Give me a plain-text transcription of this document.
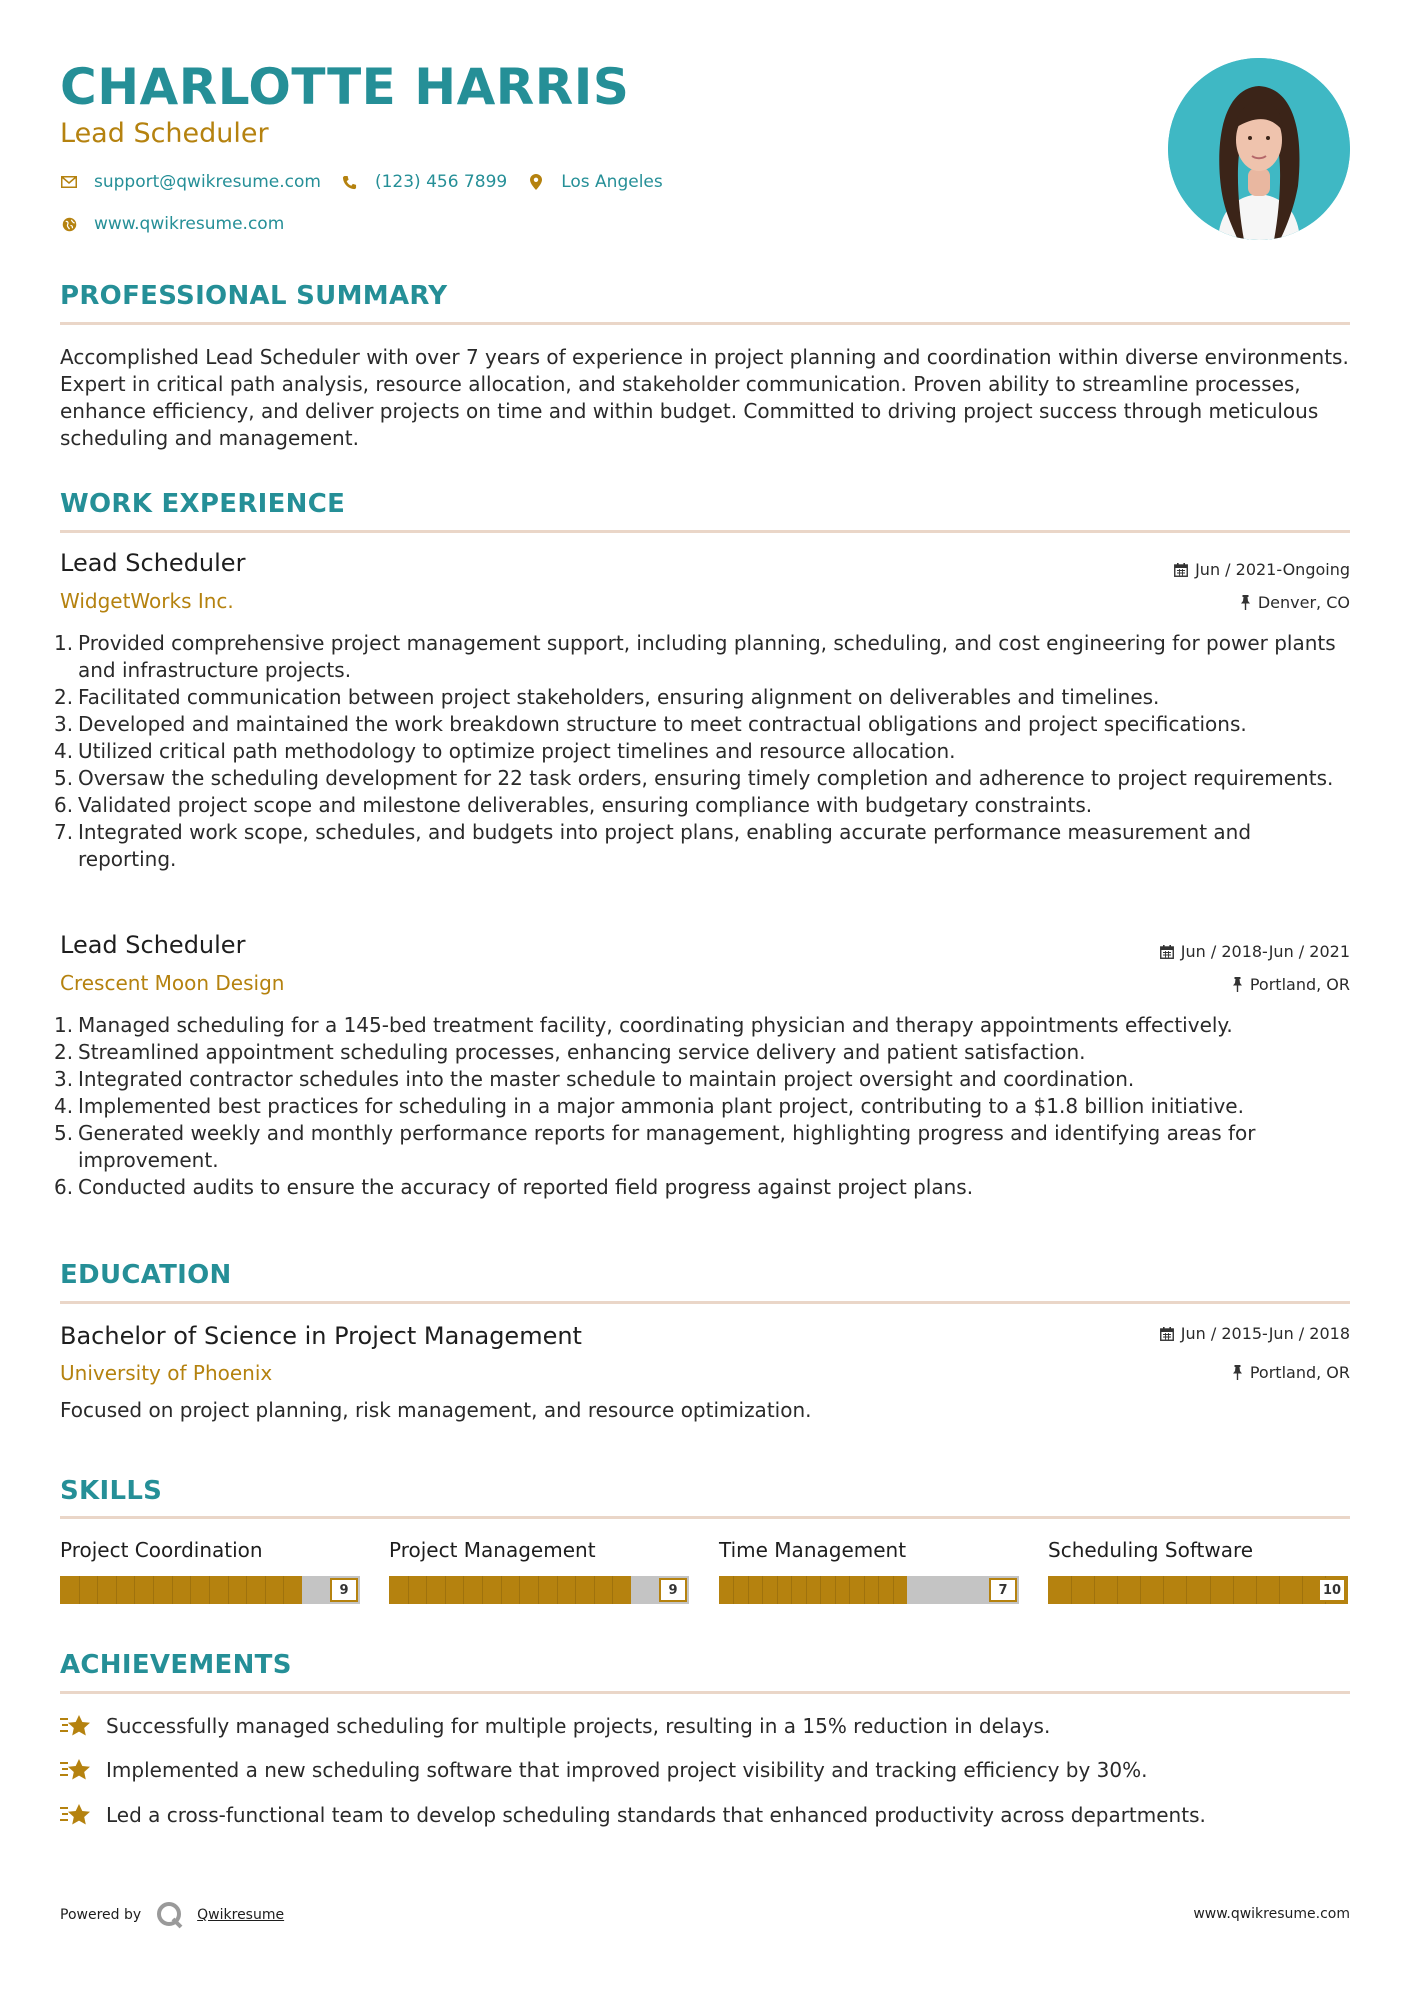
CHARLOTTE HARRIS
Lead Scheduler
support@qwikresume.com	(123) 456 7899	Los Angeles
www.qwikresume.com
PROFESSIONAL SUMMARY
Accomplished Lead Scheduler with over 7 years of experience in project planning and coordination within diverse environments. Expert in critical path analysis, resource allocation, and stakeholder communication. Proven ability to streamline processes, enhance efficiency, and deliver projects on time and within budget. Committed to driving project success through meticulous scheduling and management.
WORK EXPERIENCE
Lead Scheduler	Jun / 2021-Ongoing
WidgetWorks Inc.	Denver, CO
1. Provided comprehensive project management support, including planning, scheduling, and cost engineering for power plants and infrastructure projects.
2. Facilitated communication between project stakeholders, ensuring alignment on deliverables and timelines.
3. Developed and maintained the work breakdown structure to meet contractual obligations and project specifications.
4. Utilized critical path methodology to optimize project timelines and resource allocation.
5. Oversaw the scheduling development for 22 task orders, ensuring timely completion and adherence to project requirements.
6. Validated project scope and milestone deliverables, ensuring compliance with budgetary constraints.
7. Integrated work scope, schedules, and budgets into project plans, enabling accurate performance measurement and reporting.
Lead Scheduler	Jun / 2018-Jun / 2021
Crescent Moon Design	Portland, OR
1. Managed scheduling for a 145-bed treatment facility, coordinating physician and therapy appointments effectively.
2. Streamlined appointment scheduling processes, enhancing service delivery and patient satisfaction.
3. Integrated contractor schedules into the master schedule to maintain project oversight and coordination.
4. Implemented best practices for scheduling in a major ammonia plant project, contributing to a $1.8 billion initiative.
5. Generated weekly and monthly performance reports for management, highlighting progress and identifying areas for improvement.
6. Conducted audits to ensure the accuracy of reported field progress against project plans.
EDUCATION
Bachelor of Science in Project Management	Jun / 2015-Jun / 2018
University of Phoenix	Portland, OR
Focused on project planning, risk management, and resource optimization.
SKILLS
Project Coordination
9
Project Management
9
Time Management
7
Scheduling Software
10
ACHIEVEMENTS
Successfully managed scheduling for multiple projects, resulting in a 15% reduction in delays.
Implemented a new scheduling software that improved project visibility and tracking efficiency by 30%.
Led a cross-functional team to develop scheduling standards that enhanced productivity across departments.
Powered by	Qwikresume	www.qwikresume.com
